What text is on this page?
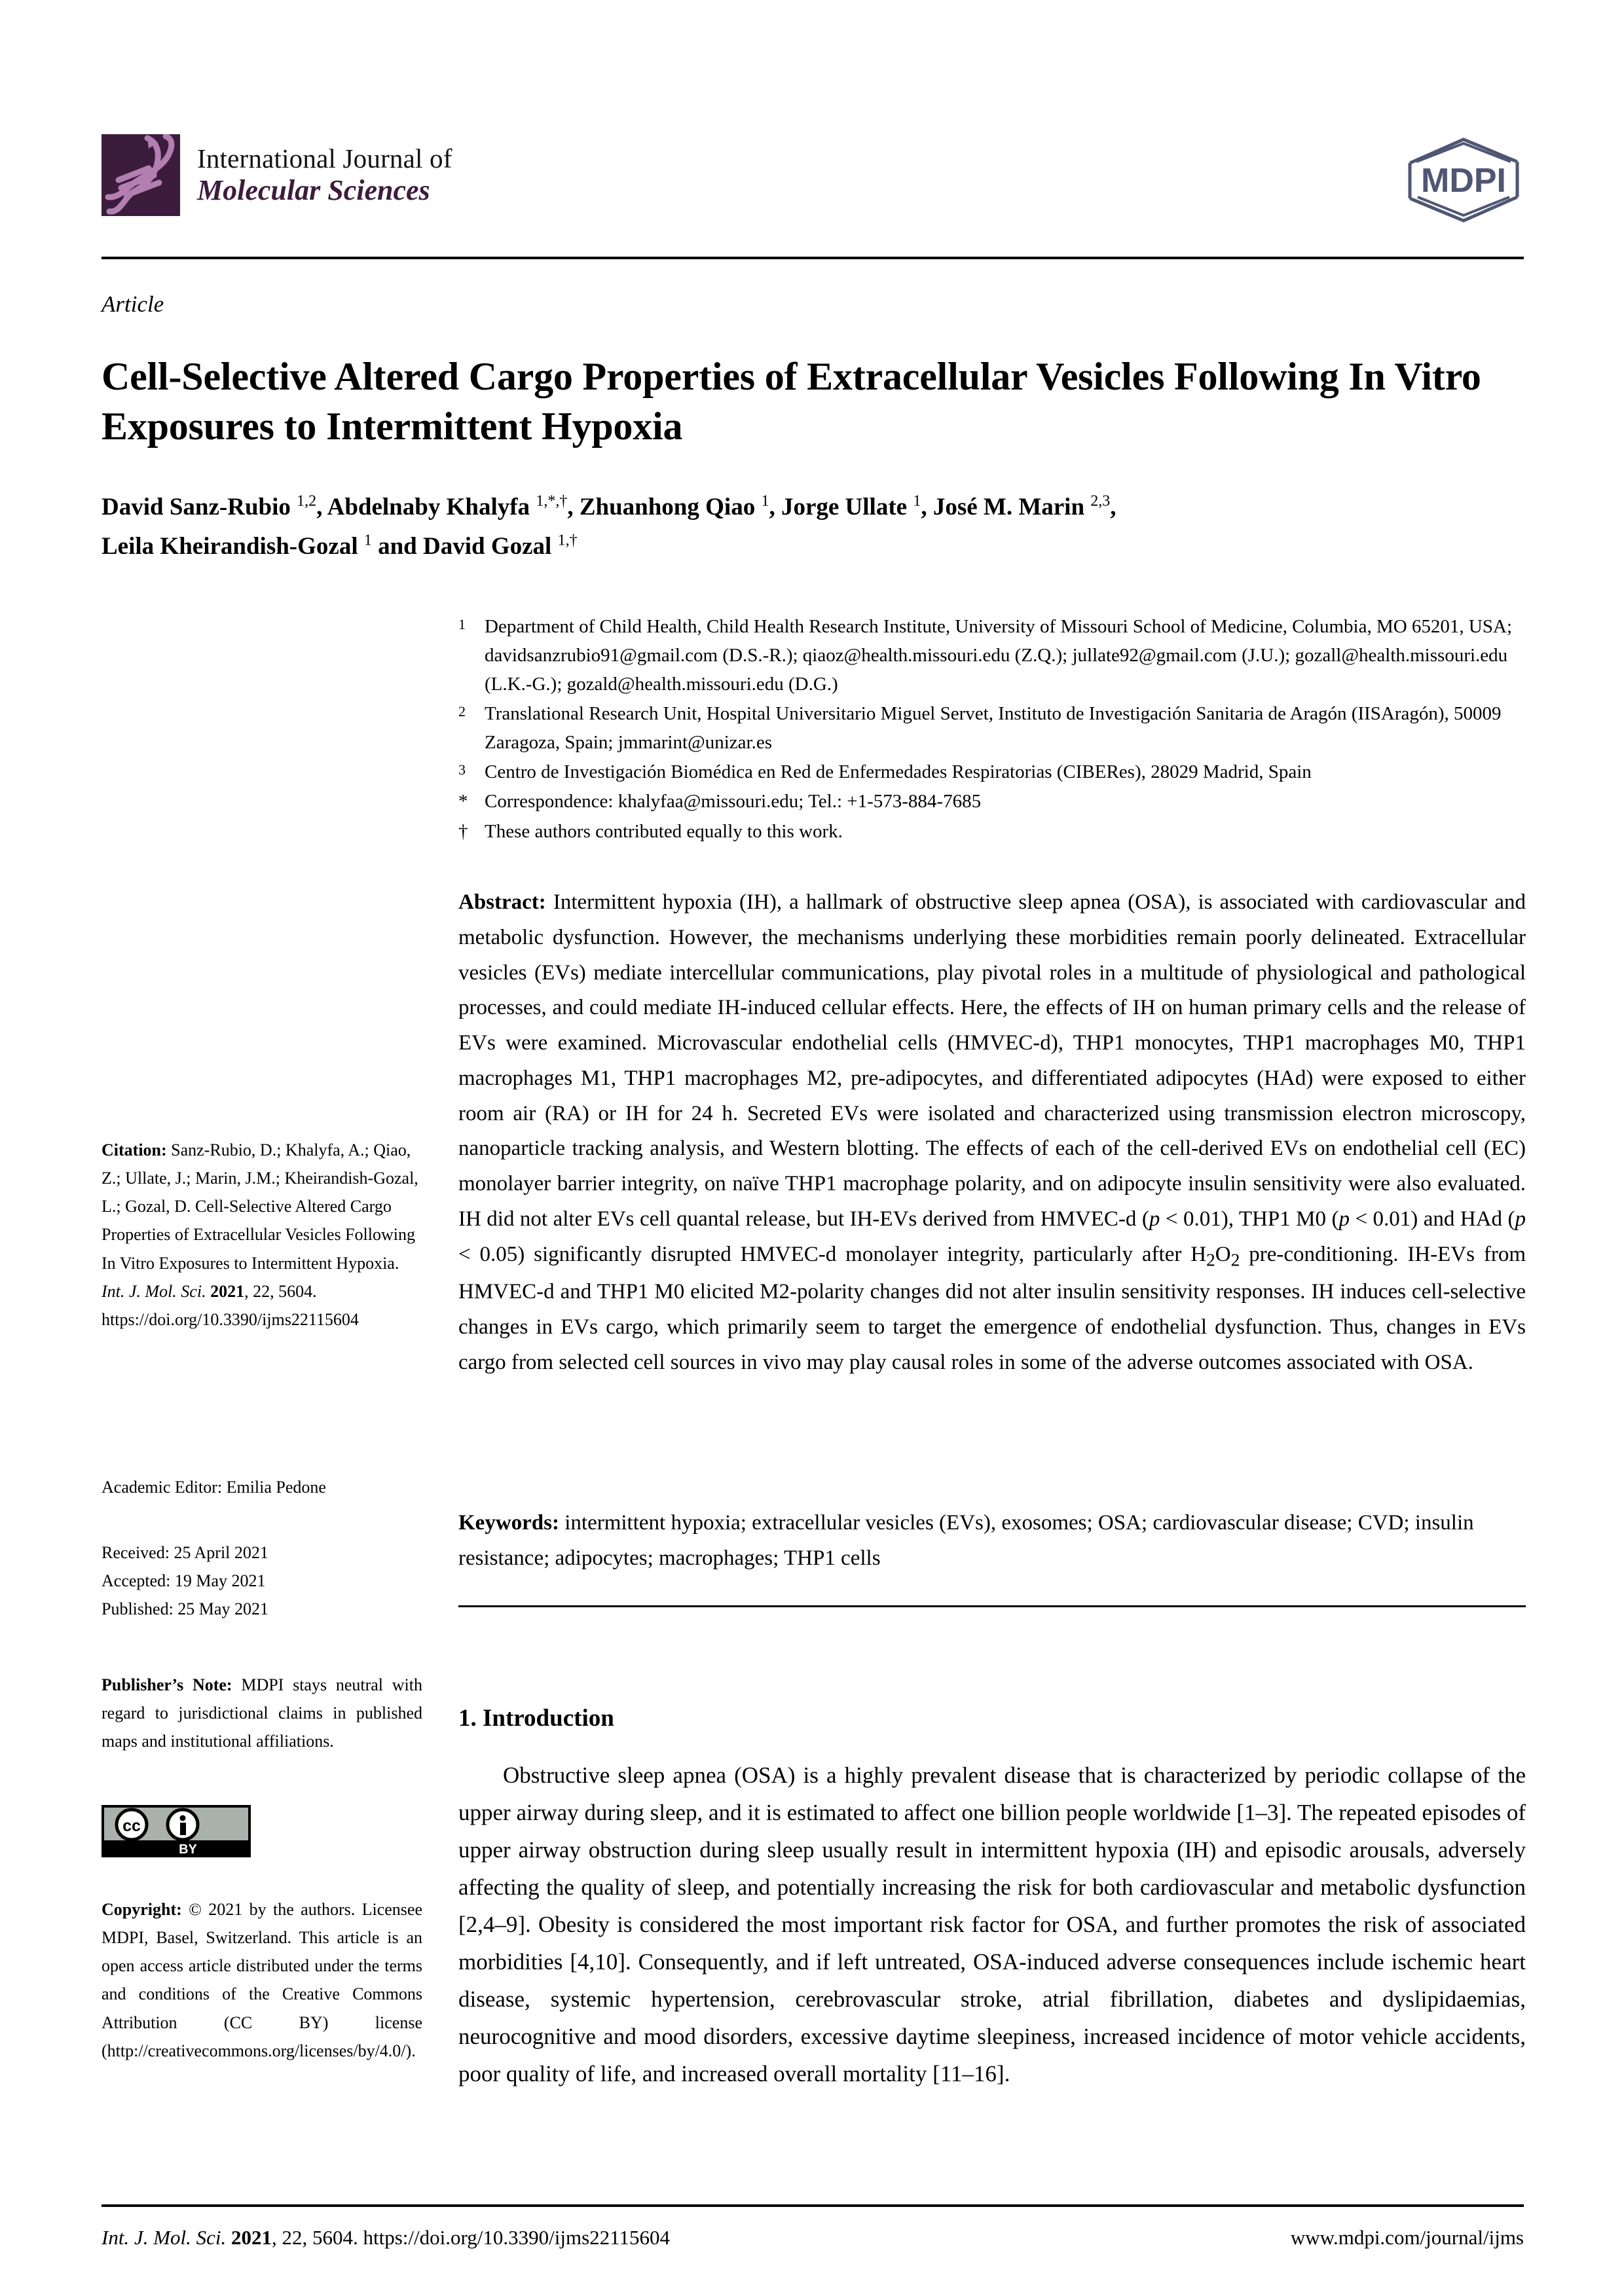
International Journal of
Molecular Sciences	MDPI
Article
Cell-Selective Altered Cargo Properties of Extracellular Vesicles Following In Vitro Exposures to Intermittent Hypoxia
David Sanz-Rubio $^{1,2}$, Abdelnaby Khalyfa $^{1,*,\dagger}$, Zhuanhong Qiao $^1$, Jorge Ullate $^1$, José M. Marin $^{2,3}$,
Leila Kheirandish-Gozal $^1$ and David Gozal $^{1,\dagger}$
1	Department of Child Health, Child Health Research Institute, University of Missouri School of Medicine, Columbia, MO 65201, USA; davidsanzrubio91@gmail.com (D.S.-R.); qiaoz@health.missouri.edu (Z.Q.); jullate92@gmail.com (J.U.); gozall@health.missouri.edu (L.K.-G.); gozald@health.missouri.edu (D.G.)
2	Translational Research Unit, Hospital Universitario Miguel Servet, Instituto de Investigación Sanitaria de Aragón (IISAragón), 50009 Zaragoza, Spain; jmmarint@unizar.es
3	Centro de Investigación Biomédica en Red de Enfermedades Respiratorias (CIBERes), 28029 Madrid, Spain
* Correspondence: khalyfaa@missouri.edu; Tel.: +1-573-884-7685
† These authors contributed equally to this work.
Abstract: Intermittent hypoxia (IH), a hallmark of obstructive sleep apnea (OSA), is associated with cardiovascular and metabolic dysfunction. However, the mechanisms underlying these morbidities remain poorly delineated. Extracellular vesicles (EVs) mediate intercellular communications, play pivotal roles in a multitude of physiological and pathological processes, and could mediate IH-induced cellular effects. Here, the effects of IH on human primary cells and the release of EVs were examined. Microvascular endothelial cells (HMVEC-d), THP1 monocytes, THP1 macrophages M0, THP1 macrophages M1, THP1 macrophages M2, pre-adipocytes, and differentiated adipocytes (HAd) were exposed to either room air (RA) or IH for 24 h. Secreted EVs were isolated and characterized using transmission electron microscopy, nanoparticle tracking analysis, and Western blotting. The effects of each of the cell-derived EVs on endothelial cell (EC) monolayer barrier integrity, on naïve THP1 macrophage polarity, and on adipocyte insulin sensitivity were also evaluated. IH did not alter EVs cell quantal release, but IH-EVs derived from HMVEC-d (p < 0.01), THP1 M0 (p < 0.01) and HAd (p < 0.05) significantly disrupted HMVEC-d monolayer integrity, particularly after $H_2O_2$ pre-conditioning. IH-EVs from HMVEC-d and THP1 M0 elicited M2-polarity changes did not alter insulin sensitivity responses. IH induces cell-selective changes in EVs cargo, which primarily seem to target the emergence of endothelial dysfunction. Thus, changes in EVs cargo from selected cell sources in vivo may play causal roles in some of the adverse outcomes associated with OSA.
Keywords: intermittent hypoxia; extracellular vesicles (EVs), exosomes; OSA; cardiovascular disease; CVD; insulin resistance; adipocytes; macrophages; THP1 cells
1. Introduction

Obstructive sleep apnea (OSA) is a highly prevalent disease that is characterized by periodic collapse of the upper airway during sleep, and it is estimated to affect one billion people worldwide [1–3]. The repeated episodes of upper airway obstruction during sleep usually result in intermittent hypoxia (IH) and episodic arousals, adversely affecting the quality of sleep, and potentially increasing the risk for both cardiovascular and metabolic dysfunction [2,4–9]. Obesity is considered the most important risk factor for OSA, and further promotes the risk of associated morbidities [4,10]. Consequently, and if left untreated, OSA-induced adverse consequences include ischemic heart disease, systemic hypertension, cerebrovascular stroke, atrial fibrillation, diabetes and dyslipidaemias, neurocognitive and mood disorders, excessive daytime sleepiness, increased incidence of motor vehicle accidents, poor quality of life, and increased overall mortality [11–16].

Citation: Sanz-Rubio, D.; Khalyfa, A.; Qiao, Z.; Ullate, J.; Marin, J.M.; Kheirandish-Gozal, L.; Gozal, D. Cell-Selective Altered Cargo Properties of Extracellular Vesicles Following In Vitro Exposures to Intermittent Hypoxia. Int. J. Mol. Sci. 2021, 22, 5604.
https://doi.org/10.3390/ijms22115604
Academic Editor: Emilia Pedone
Received: 25 April 2021
Accepted: 19 May 2021
Published: 25 May 2021
Publisher’s Note: MDPI stays neutral with regard to jurisdictional claims in published maps and institutional affiliations.
cc
BY
Copyright: © 2021 by the authors. Licensee MDPI, Basel, Switzerland. This article is an open access article distributed under the terms and conditions of the Creative Commons Attribution (CC BY) license (http://creativecommons.org/licenses/by/4.0/).
Int. J. Mol. Sci. 2021, 22, 5604. https://doi.org/10.3390/ijms22115604	www.mdpi.com/journal/ijms
